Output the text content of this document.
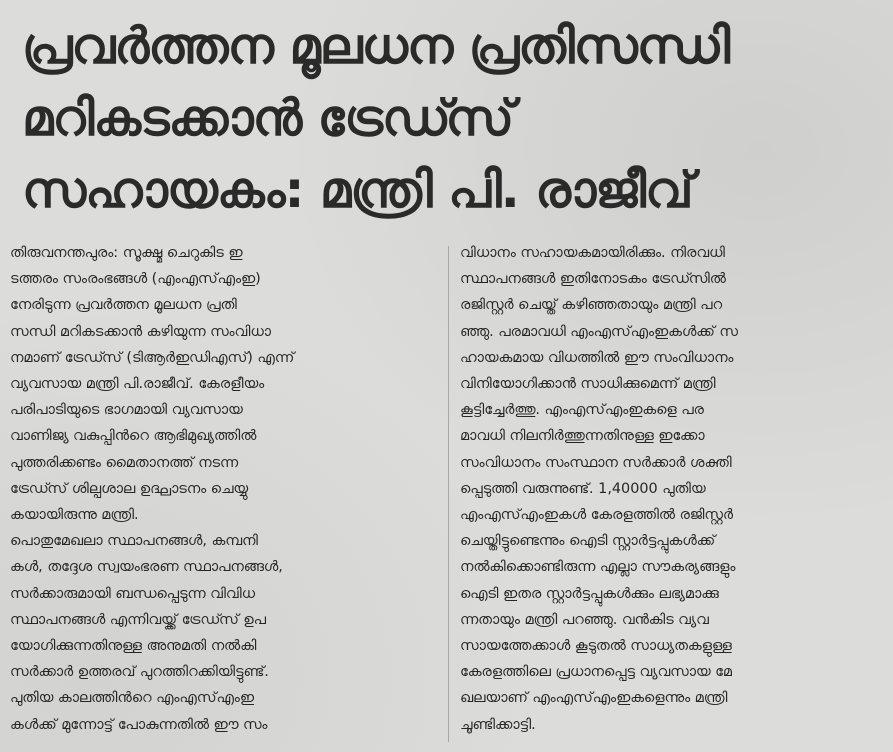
പ്രവർത്തന മൂലധന പ്രതിസന്ധി
മറികടക്കാൻ ട്രേഡ്സ്
സഹായകം: മന്ത്രി പി. രാജീവ്

തിരുവനന്തപുരം: സൂക്ഷ്മ ചെറുകിട ഇ
ടത്തരം സംരംഭങ്ങൾ (എംഎസ്എംഇ)
നേരിടുന്ന പ്രവർത്തന മൂലധന പ്രതി
സന്ധി മറികടക്കാൻ കഴിയുന്ന സംവിധാ
നമാണ് ട്രേഡ്സ് (ടിആർഇഡിഎസ്) എന്ന്
വ്യവസായ മന്ത്രി പി.രാജീവ്. കേരളീയം
പരിപാടിയുടെ ഭാഗമായി വ്യവസായ
വാണിജ്യ വകുപ്പിൻറെ ആഭിമുഖ്യത്തിൽ
പുത്തരിക്കണ്ടം മൈതാനത്ത് നടന്ന
ട്രേഡ്സ് ശില്പശാല ഉദ്ഘാടനം ചെയ്യു
കയായിരുന്നു മന്ത്രി.

പൊതുമേഖലാ സ്ഥാപനങ്ങൾ, കമ്പനി
കൾ, തദ്ദേശ സ്വയംഭരണ സ്ഥാപനങ്ങൾ,
സർക്കാരുമായി ബന്ധപ്പെടുന്ന വിവിധ
സ്ഥാപനങ്ങൾ എന്നിവയ്ക്ക് ട്രേഡ്സ് ഉപ
യോഗിക്കുന്നതിനുള്ള അനുമതി നൽകി
സർക്കാർ ഉത്തരവ് പുറത്തിറക്കിയിട്ടുണ്ട്.
പുതിയ കാലത്തിൻറെ എംഎസ്എംഇ
കൾക്ക് മുന്നോട്ട് പോകുന്നതിൽ ഈ സം

വിധാനം സഹായകമായിരിക്കും. നിരവധി
സ്ഥാപനങ്ങൾ ഇതിനോടകം ട്രേഡ്സിൽ
രജിസ്റ്റർ ചെയ്ത് കഴിഞ്ഞതായും മന്ത്രി പറ
ഞ്ഞു. പരമാവധി എംഎസ്എംഇകൾക്ക് സ
ഹായകമായ വിധത്തിൽ ഈ സംവിധാനം
വിനിയോഗിക്കാൻ സാധിക്കുമെന്ന് മന്ത്രി
കൂട്ടിച്ചേർത്തു. എംഎസ്എംഇകളെ പര
മാവധി നിലനിർത്തുന്നതിനുള്ള ഇക്കോ
സംവിധാനം സംസ്ഥാന സർക്കാർ ശക്തി
പ്പെടുത്തി വരുന്നുണ്ട്. 1,40000 പുതിയ
എംഎസ്എംഇകൾ കേരളത്തിൽ രജിസ്റ്റർ
ചെയ്തിട്ടുണ്ടെന്നും ഐടി സ്റ്റാർട്ടപ്പുകൾക്ക്
നൽകിക്കൊണ്ടിരുന്ന എല്ലാ സൗകര്യങ്ങളും
ഐടി ഇതര സ്റ്റാർട്ടപ്പുകൾക്കും ലഭ്യമാക്കു
ന്നതായും മന്ത്രി പറഞ്ഞു. വൻകിട വ്യവ
സായത്തേക്കാൾ കൂടുതൽ സാധ്യതകളുള്ള
കേരളത്തിലെ പ്രധാനപ്പെട്ട വ്യവസായ മേ
ഖലയാണ് എംഎസ്എംഇകളെന്നും മന്ത്രി
ചൂണ്ടിക്കാട്ടി.
